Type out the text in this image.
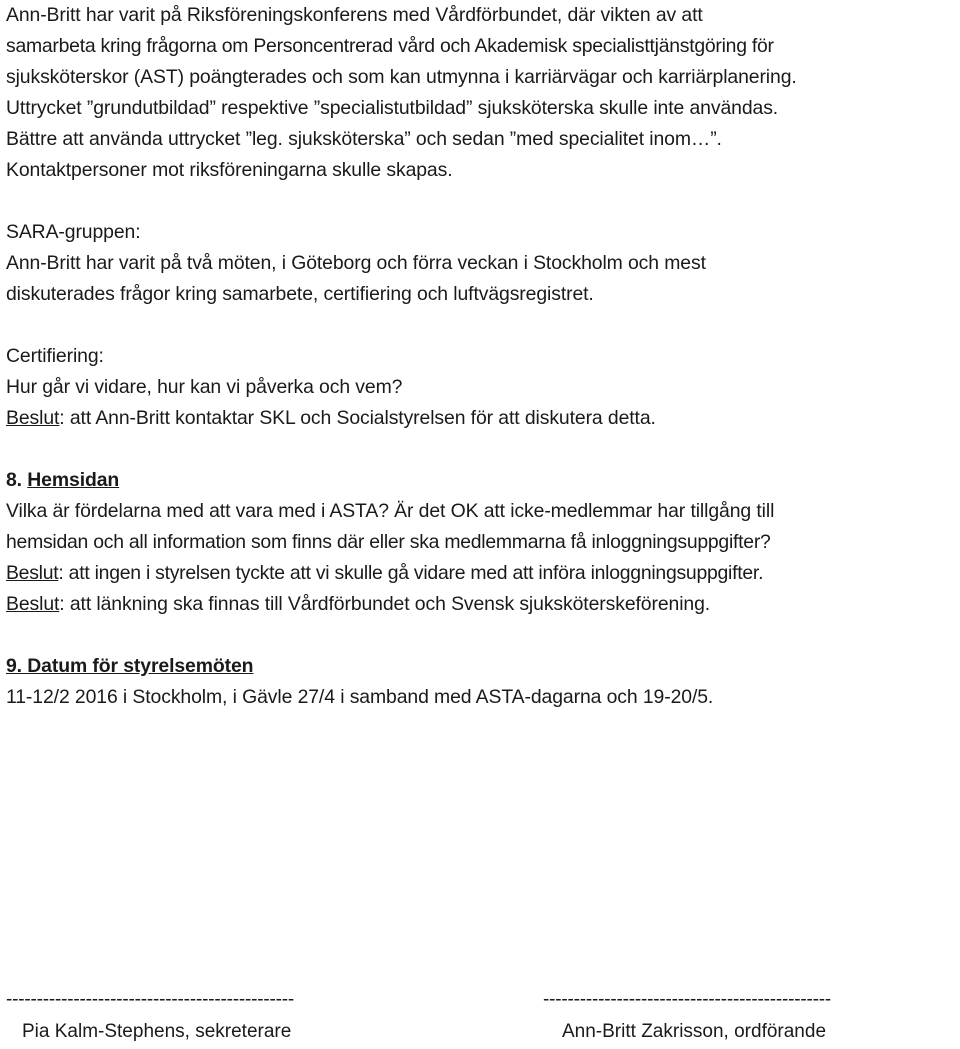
Ann-Britt har varit på Riksföreningskonferens med Vårdförbundet, där vikten av att
samarbeta kring frågorna om Personcentrerad vård och Akademisk specialisttjänstgöring för
sjuksköterskor (AST) poängterades och som kan utmynna i karriärvägar och karriärplanering.
Uttrycket ”grundutbildad” respektive ”specialistutbildad” sjuksköterska skulle inte användas.
Bättre att använda uttrycket ”leg. sjuksköterska” och sedan ”med specialitet inom…”.
Kontaktpersoner mot riksföreningarna skulle skapas.
SARA-gruppen:
Ann-Britt har varit på två möten, i Göteborg och förra veckan i Stockholm och mest
diskuterades frågor kring samarbete, certifiering och luftvägsregistret.
Certifiering:
Hur går vi vidare, hur kan vi påverka och vem?
Beslut: att Ann-Britt kontaktar SKL och Socialstyrelsen för att diskutera detta.
8. Hemsidan
Vilka är fördelarna med att vara med i ASTA? Är det OK att icke-medlemmar har tillgång till
hemsidan och all information som finns där eller ska medlemmarna få inloggningsuppgifter?
Beslut: att ingen i styrelsen tyckte att vi skulle gå vidare med att införa inloggningsuppgifter.
Beslut: att länkning ska finnas till Vårdförbundet och Svensk sjuksköterskeförening.
9. Datum för styrelsemöten
11-12/2 2016 i Stockholm, i Gävle 27/4 i samband med ASTA-dagarna och 19-20/5.
-----------------------------------------------
Pia Kalm-Stephens, sekreterare
-----------------------------------------------
Ann-Britt Zakrisson, ordförande
